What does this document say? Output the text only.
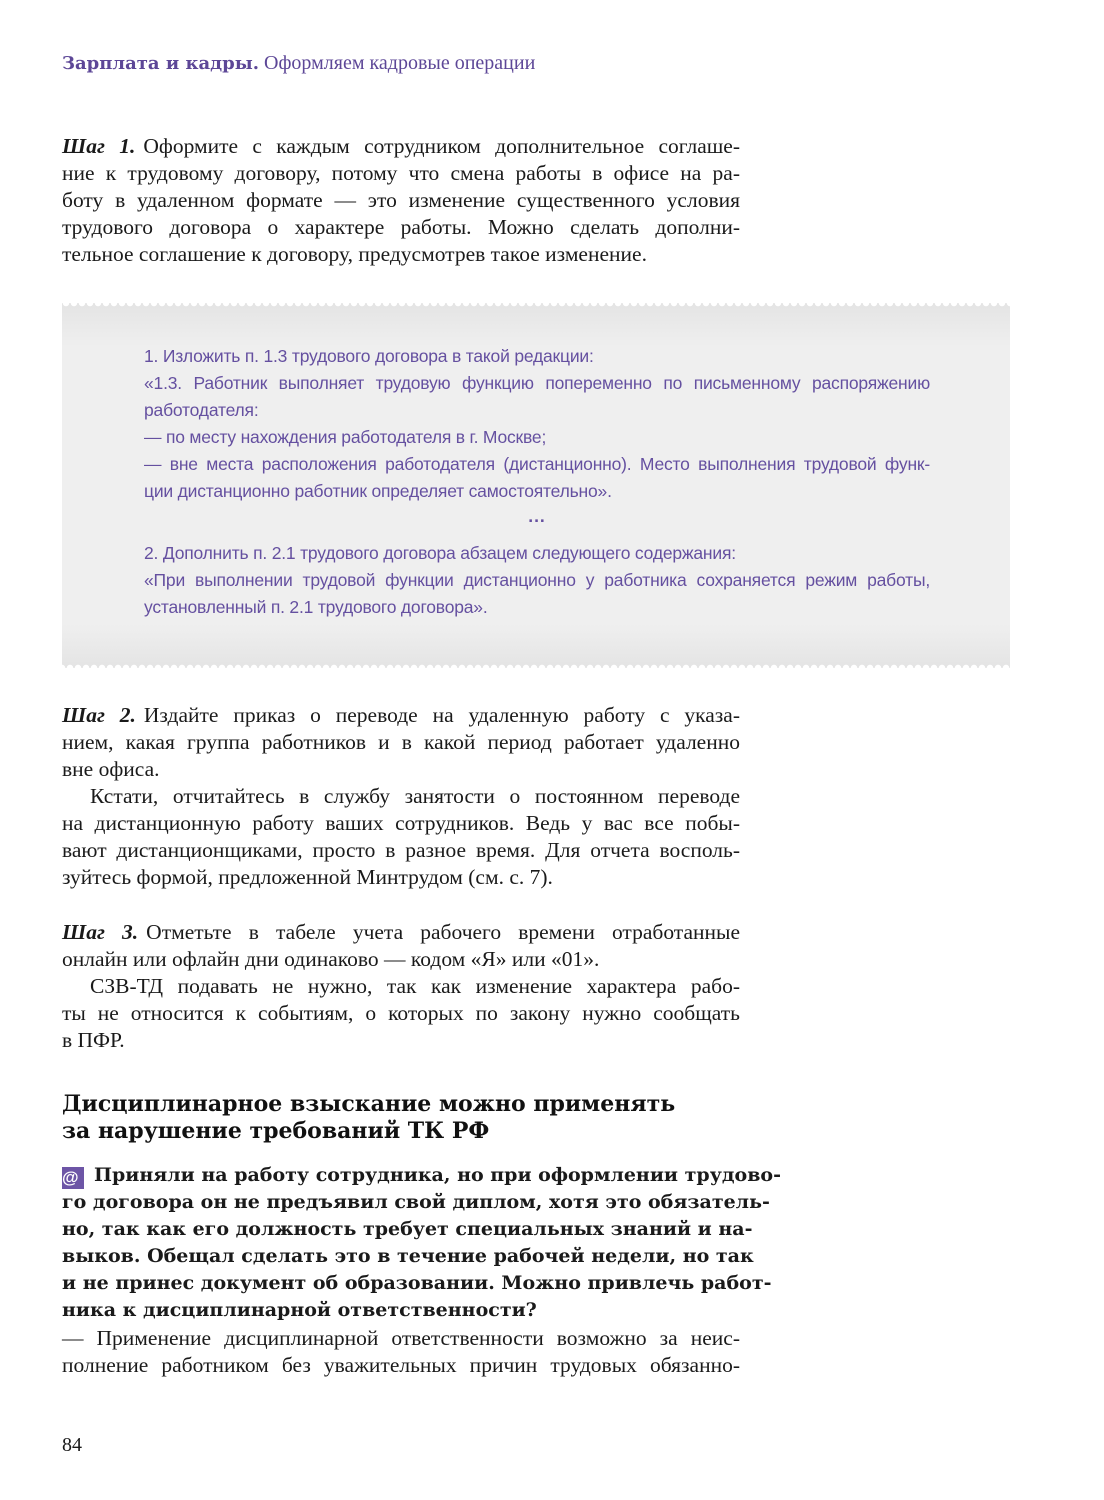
Зарплата и кадры. Оформляем кадровые операции
Шаг 1. Оформите с каждым сотрудником дополнительное соглаше-
ние к трудовому договору, потому что смена работы в офисе на ра-
боту в удаленном формате — это изменение существенного условия
трудового договора о характере работы. Можно сделать дополни-
тельное соглашение к договору, предусмотрев такое изменение.
1. Изложить п. 1.3 трудового договора в такой редакции:
«1.3. Работник выполняет трудовую функцию попеременно по письменному распоряжению
работодателя:
— по месту нахождения работодателя в г. Москве;
— вне места расположения работодателя (дистанционно). Место выполнения трудовой функ-
ции дистанционно работник определяет самостоятельно».
...
2. Дополнить п. 2.1 трудового договора абзацем следующего содержания:
«При выполнении трудовой функции дистанционно у работника сохраняется режим работы,
установленный п. 2.1 трудового договора».
Шаг 2. Издайте приказ о переводе на удаленную работу с указа-
нием, какая группа работников и в какой период работает удаленно
вне офиса.
Кстати, отчитайтесь в службу занятости о постоянном переводе
на дистанционную работу ваших сотрудников. Ведь у вас все побы-
вают дистанционщиками, просто в разное время. Для отчета восполь-
зуйтесь формой, предложенной Минтрудом (см. с. 7).
Шаг 3. Отметьте в табеле учета рабочего времени отработанные
онлайн или офлайн дни одинаково — кодом «Я» или «01».
СЗВ-ТД подавать не нужно, так как изменение характера рабо-
ты не относится к событиям, о которых по закону нужно сообщать
в ПФР.
Дисциплинарное взыскание можно применять
за нарушение требований ТК РФ
@ Приняли на работу сотрудника, но при оформлении трудово-
го договора он не предъявил свой диплом, хотя это обязатель-
но, так как его должность требует специальных знаний и на-
выков. Обещал сделать это в течение рабочей недели, но так
и не принес документ об образовании. Можно привлечь работ-
ника к дисциплинарной ответственности?
— Применение дисциплинарной ответственности возможно за неис-
полнение работником без уважительных причин трудовых обязанно-
84
